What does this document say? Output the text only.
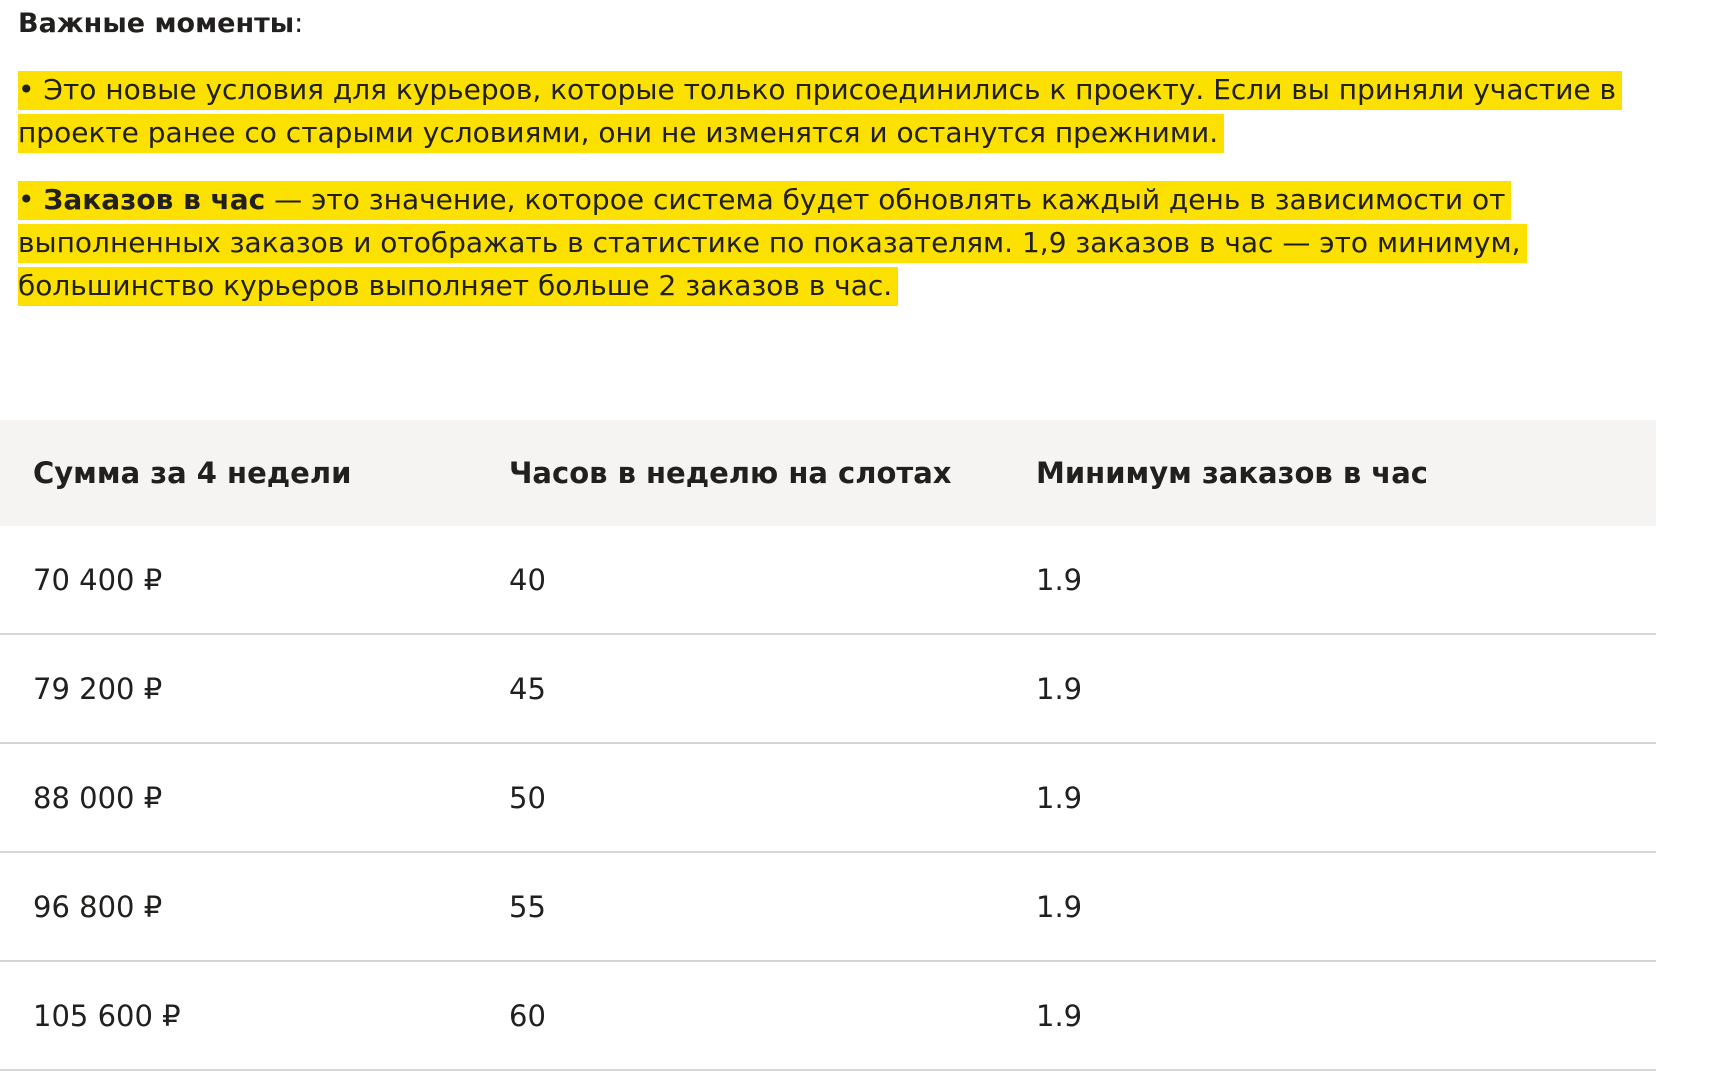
Важные моменты:

• Это новые условия для курьеров, которые только присоединились к проекту. Если вы приняли участие в проекте ранее со старыми условиями, они не изменятся и останутся прежними.

• Заказов в час — это значение, которое система будет обновлять каждый день в зависимости от выполненных заказов и отображать в статистике по показателям. 1,9 заказов в час — это минимум, большинство курьеров выполняет больше 2 заказов в час.

Сумма за 4 недели	Часов в неделю на слотах	Минимум заказов в час
70 400 ₽	40	1.9
79 200 ₽	45	1.9
88 000 ₽	50	1.9
96 800 ₽	55	1.9
105 600 ₽	60	1.9
